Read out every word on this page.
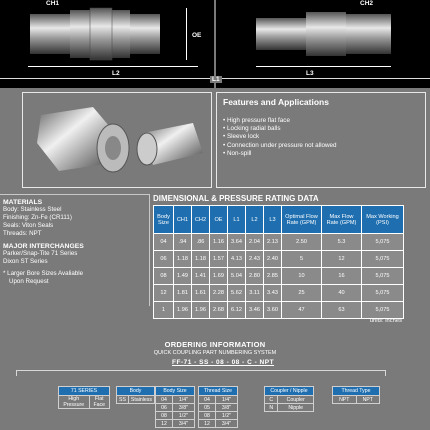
CH1
OE
L2
CH2
L3
L1
Features and Applications
• High pressure flat face
• Locking radial balls
• Sleeve lock
• Connection under pressure not allowed
• Non-spill
MATERIALS
Body: Stainless Steel
Finishing: Zn-Fe (CR111)
Seals: Viton Seals
Threads: NPT
MAJOR INTERCHANGES
Parker/Snap-Tite 71 Series
Dixon ST Series
* Larger Bore Sizes Avaliable
Upon Request
DIMENSIONAL & PRESSURE RATING DATA
Body Size	CH1	CH2	OE	L1	L2	L3	Optimal Flow Rate (GPM)	Max Flow Rate (GPM)	Max Working (PSI)
04	.94	.86	1.16	3.64	2.04	2.13	2.50	5.3	5,075
06	1.18	1.18	1.57	4.13	2.43	2.40	5	12	5,075
08	1.49	1.41	1.69	5.04	2.80	2.85	10	16	5,075
12	1.81	1.61	2.28	5.62	3.11	3.43	25	40	5,075
1	1.96	1.96	2.68	6.12	3.46	3.60	47	63	5,075
units: inches
ORDERING INFORMATION
QUICK COUPLING PART NUMBERING SYSTEM
FF-71 - SS - 08 - 08 - C - NPT
71 SERIES
High Pressure	Flat Face
Body
SS	Stainless
Body Size	
04	1/4"
06	3/8"
08	1/2"
12	3/4"
Thread Size	
04	1/4"
05	3/8"
08	1/2"
12	3/4"
Coupler / Nipple	
C	Coupler
N	Nipple
Thread Type
NPT	NPT
